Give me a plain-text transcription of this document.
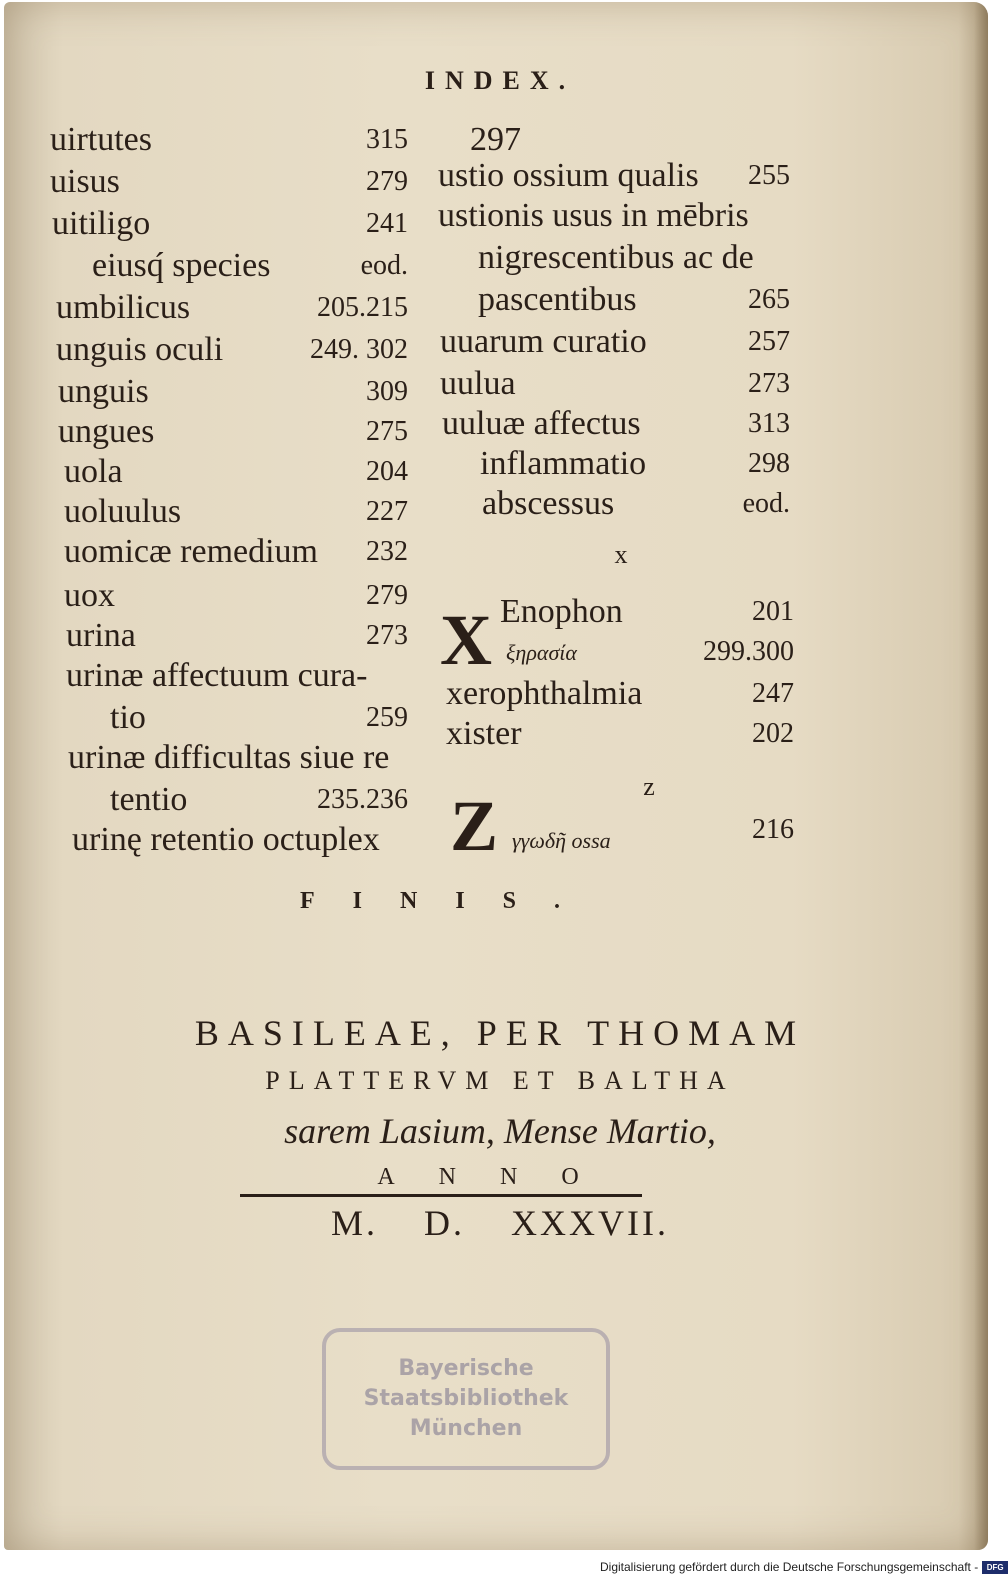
INDEX.
uirtutes	315
uisus	279
uitiligo	241
eiusq́ species	eod.
umbilicus	205.215
unguis oculi	249. 302
unguis	309
ungues	275
uola	204
uoluulus	227
uomicæ remedium	232
uox	279
urina	273
urinæ affectuum cura-
tio	259
urinæ difficultas siue re
tentio	235.236
urinę retentio octuplex
297
ustio ossium qualis	255
ustionis usus in mēbris
nigrescentibus ac de
pascentibus	265
uuarum curatio	257
uulua	273
uuluæ affectus	313
inflammatio	298
abscessus	eod.
x
X Enophon	201
ξηρασία	299.300
xerophthalmia	247
xister	202
z
Z γγωδῆ ossa	216
FINIS.
BASILEAE, PER THOMAM
PLATTERVM ET BALTHA
sarem Lasium, Mense Martio,
ANNO
M. D. XXXVII.
Bayerische
Staatsbibliothek
München
Digitalisierung gefördert durch die Deutsche Forschungsgemeinschaft - DFG
